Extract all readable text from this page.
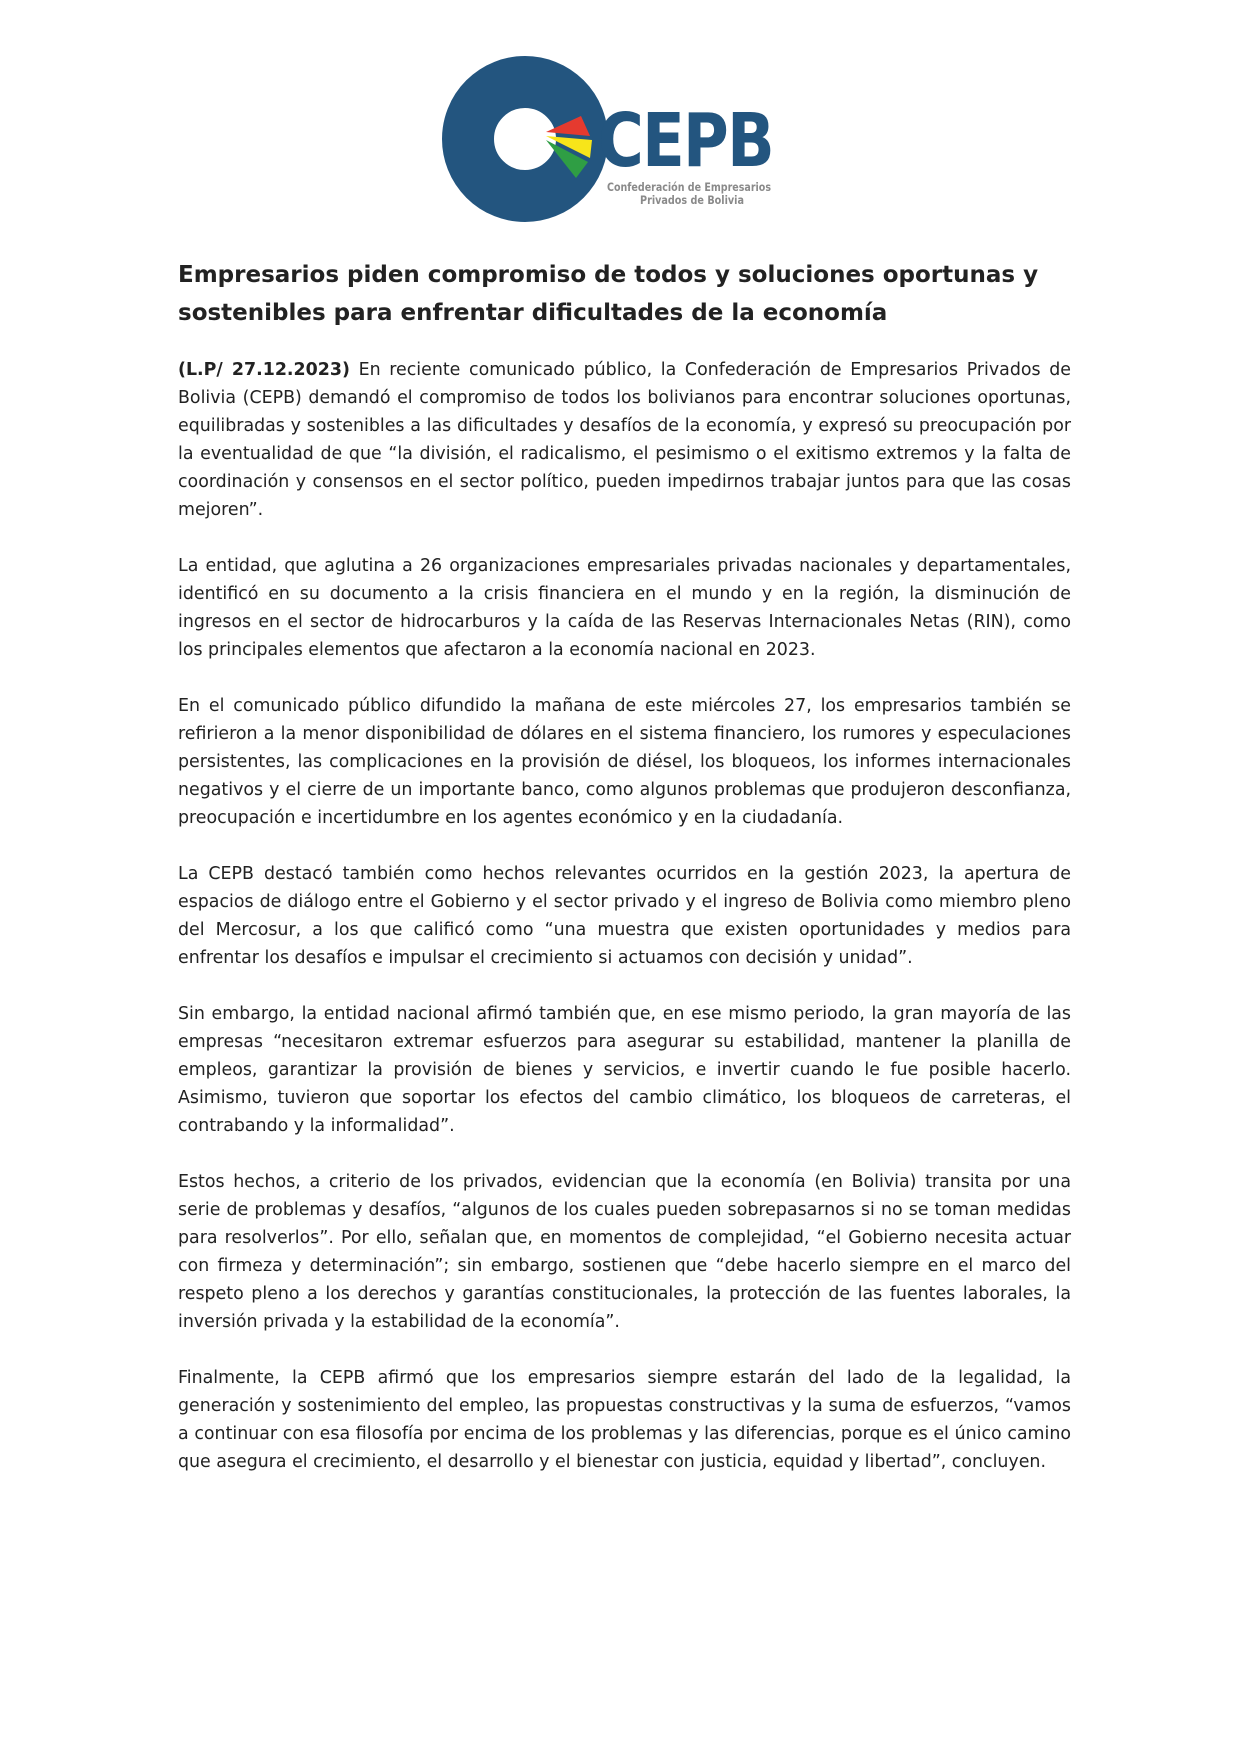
CEPB
Confederación de Empresarios
Privados de Bolivia
Empresarios piden compromiso de todos y soluciones oportunas y sostenibles para enfrentar dificultades de la economía

(L.P/ 27.12.2023) En reciente comunicado público, la Confederación de Empresarios Privados de Bolivia (CEPB) demandó el compromiso de todos los bolivianos para encontrar soluciones oportunas, equilibradas y sostenibles a las dificultades y desafíos de la economía, y expresó su preocupación por la eventualidad de que “la división, el radicalismo, el pesimismo o el exitismo extremos y la falta de coordinación y consensos en el sector político, pueden impedirnos trabajar juntos para que las cosas mejoren”.

La entidad, que aglutina a 26 organizaciones empresariales privadas nacionales y departamentales, identificó en su documento a la crisis financiera en el mundo y en la región, la disminución de ingresos en el sector de hidrocarburos y la caída de las Reservas Internacionales Netas (RIN), como los principales elementos que afectaron a la economía nacional en 2023.

En el comunicado público difundido la mañana de este miércoles 27, los empresarios también se refirieron a la menor disponibilidad de dólares en el sistema financiero, los rumores y especulaciones persistentes, las complicaciones en la provisión de diésel, los bloqueos, los informes internacionales negativos y el cierre de un importante banco, como algunos problemas que produjeron desconfianza, preocupación e incertidumbre en los agentes económico y en la ciudadanía.

La CEPB destacó también como hechos relevantes ocurridos en la gestión 2023, la apertura de espacios de diálogo entre el Gobierno y el sector privado y el ingreso de Bolivia como miembro pleno del Mercosur, a los que calificó como “una muestra que existen oportunidades y medios para enfrentar los desafíos e impulsar el crecimiento si actuamos con decisión y unidad”.

Sin embargo, la entidad nacional afirmó también que, en ese mismo periodo, la gran mayoría de las empresas “necesitaron extremar esfuerzos para asegurar su estabilidad, mantener la planilla de empleos, garantizar la provisión de bienes y servicios, e invertir cuando le fue posible hacerlo. Asimismo, tuvieron que soportar los efectos del cambio climático, los bloqueos de carreteras, el contrabando y la informalidad”.

Estos hechos, a criterio de los privados, evidencian que la economía (en Bolivia) transita por una serie de problemas y desafíos, “algunos de los cuales pueden sobrepasarnos si no se toman medidas para resolverlos”. Por ello, señalan que, en momentos de complejidad, “el Gobierno necesita actuar con firmeza y determinación”; sin embargo, sostienen que “debe hacerlo siempre en el marco del respeto pleno a los derechos y garantías constitucionales, la protección de las fuentes laborales, la inversión privada y la estabilidad de la economía”.

Finalmente, la CEPB afirmó que los empresarios siempre estarán del lado de la legalidad, la generación y sostenimiento del empleo, las propuestas constructivas y la suma de esfuerzos, “vamos a continuar con esa filosofía por encima de los problemas y las diferencias, porque es el único camino que asegura el crecimiento, el desarrollo y el bienestar con justicia, equidad y libertad”, concluyen.
